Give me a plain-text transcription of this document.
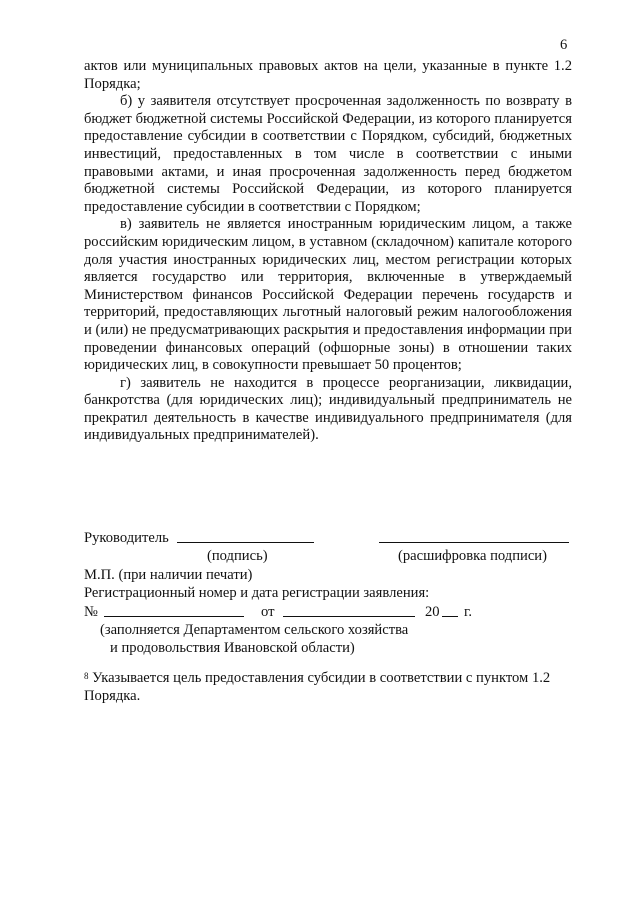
6

актов или муниципальных правовых актов на цели, указанные в пункте 1.2 Порядка;

б) у заявителя отсутствует просроченная задолженность по возврату в бюджет бюджетной системы Российской Федерации, из которого планируется предоставление субсидии в соответствии с Порядком, субсидий, бюджетных инвестиций, предоставленных в том числе в соответствии с иными правовыми актами, и иная просроченная задолженность перед бюджетом бюджетной системы Российской Федерации, из которого планируется предоставление субсидии в соответствии с Порядком;

в) заявитель не является иностранным юридическим лицом, а также российским юридическим лицом, в уставном (складочном) капитале которого доля участия иностранных юридических лиц, местом регистрации которых является государство или территория, включенные в утверждаемый Министерством финансов Российской Федерации перечень государств и территорий, предоставляющих льготный налоговый режим налогообложения и (или) не предусматривающих раскрытия и предоставления информации при проведении финансовых операций (офшорные зоны) в отношении таких юридических лиц, в совокупности превышает 50 процентов;

г) заявитель не находится в процессе реорганизации, ликвидации, банкротства (для юридических лиц); индивидуальный предприниматель не прекратил деятельность в качестве индивидуального предпринимателя (для индивидуальных предпринимателей).

Руководитель
(подпись)	(расшифровка подписи)
М.П. (при наличии печати)
Регистрационный номер и дата регистрации заявления:
№	от	20 г.
(заполняется Департаментом сельского хозяйства
и продовольствия Ивановской области)
$^8$ Указывается цель предоставления субсидии в соответствии с пунктом 1.2 Порядка.
